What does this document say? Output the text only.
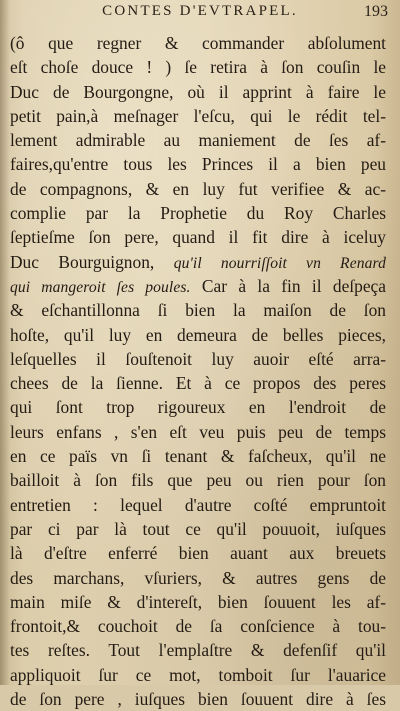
CONTES D'EVTRAPEL.	193
(ô que regner & commander abſolument
eſt choſe douce ! ) ſe retira à ſon couſin le
Duc de Bourgongne, où il apprint à faire le
petit pain,à meſnager l'eſcu, qui le rédit tel-
lement admirable au maniement de ſes af-
faires,qu'entre tous les Princes il a bien peu
de compagnons, & en luy fut verifiee & ac-
complie par la Prophetie du Roy Charles
ſeptieſme ſon pere, quand il fit dire à iceluy
Duc Bourguignon, qu'il nourriſſoit vn Renard
qui mangeroit ſes poules. Car à la fin il deſpeça
& eſchantillonna ſi bien la maiſon de ſon
hoſte, qu'il luy en demeura de belles pieces,
leſquelles il ſouſtenoit luy auoir eſté arra-
chees de la ſienne. Et à ce propos des peres
qui ſont trop rigoureux en l'endroit de
leurs enfans , s'en eſt veu puis peu de temps
en ce païs vn ſi tenant & faſcheux, qu'il ne
bailloit à ſon fils que peu ou rien pour ſon
entretien : lequel d'autre coſté empruntoit
par ci par là tout ce qu'il pouuoit, iuſques
là d'eſtre enferré bien auant aux breuets
des marchans, vſuriers, & autres gens de
main miſe & d'intereſt, bien ſouuent les af-
frontoit,& couchoit de ſa conſcience à tou-
tes reſtes. Tout l'emplaſtre & defenſif qu'il
appliquoit ſur ce mot, tomboit ſur l'auarice
de ſon pere , iuſques bien ſouuent dire à ſes
